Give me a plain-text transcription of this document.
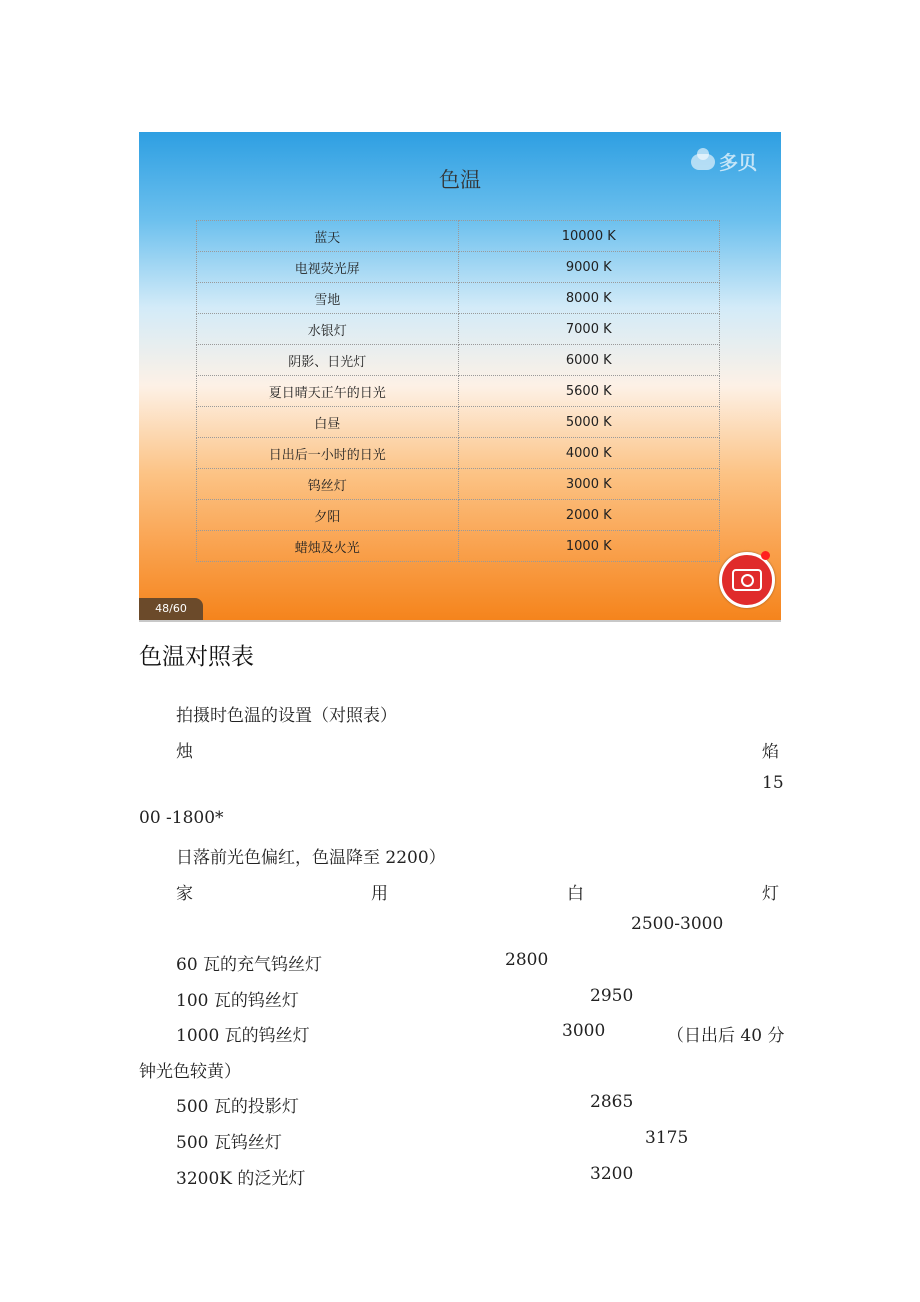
色温
多贝
蓝天	10000 K
电视荧光屏	9000 K
雪地	8000 K
水银灯	7000 K
阴影、日光灯	6000 K
夏日晴天正午的日光	5600 K
白昼	5000 K
日出后一小时的日光	4000 K
钨丝灯	3000 K
夕阳	2000 K
蜡烛及火光	1000 K
48/60
色温对照表
拍摄时色温的设置（对照表）
烛	焰
15
00 -1800*
日落前光色偏红，色温降至 2200）
家	用	白	灯
2500-3000
60 瓦的充气钨丝灯	2800
100 瓦的钨丝灯	2950
1000 瓦的钨丝灯	3000	（日出后 40 分
钟光色较黄）
500 瓦的投影灯	2865
500 瓦钨丝灯	3175
3200K 的泛光灯	3200
